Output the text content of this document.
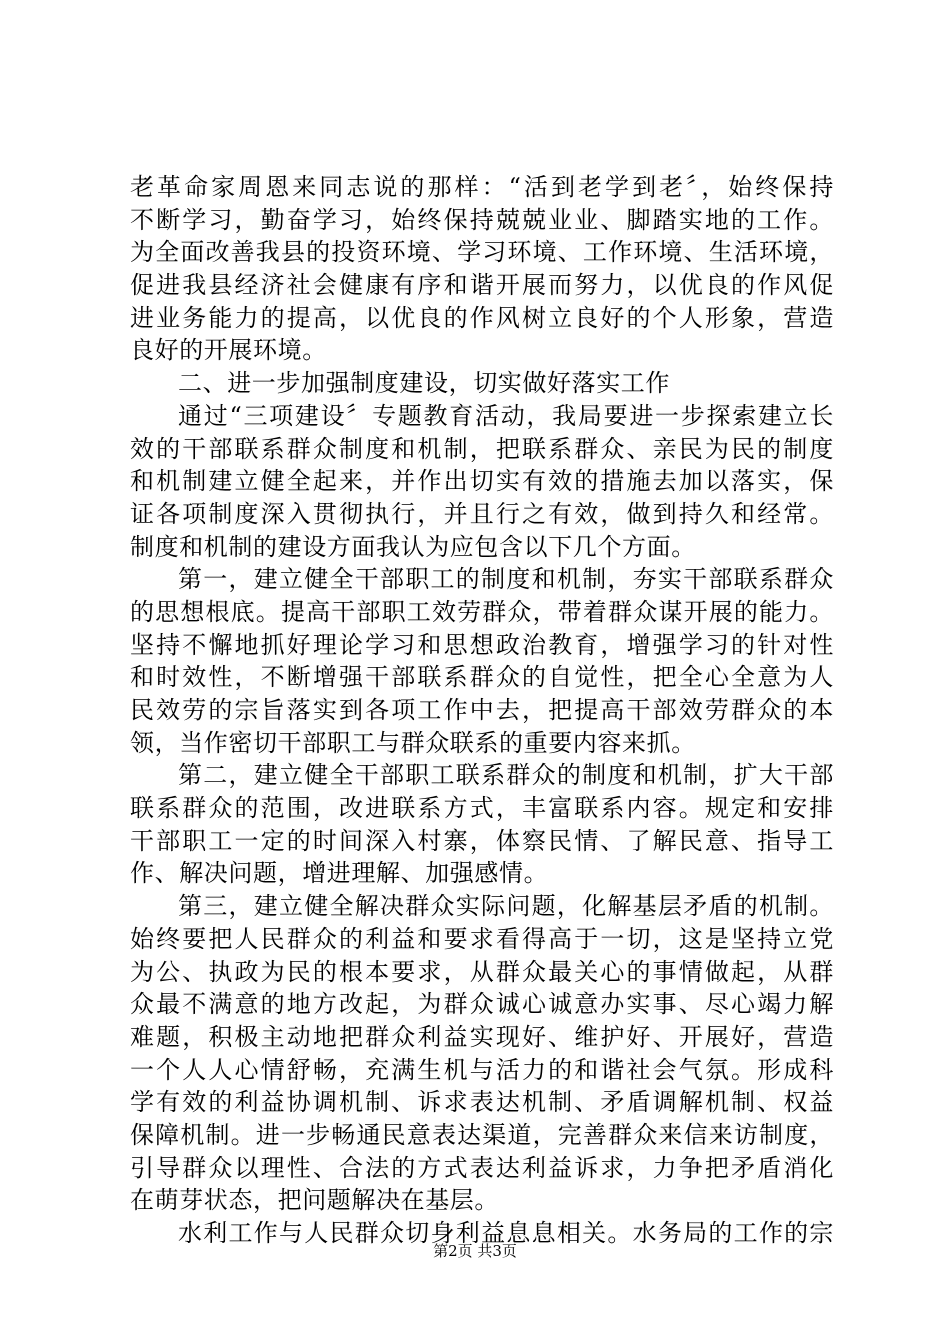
老革命家周恩来同志说的那样：“活到老学到老〞，始终保持
不断学习，勤奋学习，始终保持兢兢业业、脚踏实地的工作。
为全面改善我县的投资环境、学习环境、工作环境、生活环境，
促进我县经济社会健康有序和谐开展而努力，以优良的作风促
进业务能力的提高，以优良的作风树立良好的个人形象，营造
良好的开展环境。
二、进一步加强制度建设，切实做好落实工作
通过“三项建设〞专题教育活动，我局要进一步探索建立长
效的干部联系群众制度和机制，把联系群众、亲民为民的制度
和机制建立健全起来，并作出切实有效的措施去加以落实，保
证各项制度深入贯彻执行，并且行之有效，做到持久和经常。
制度和机制的建设方面我认为应包含以下几个方面。
第一，建立健全干部职工的制度和机制，夯实干部联系群众
的思想根底。提高干部职工效劳群众，带着群众谋开展的能力。
坚持不懈地抓好理论学习和思想政治教育，增强学习的针对性
和时效性，不断增强干部联系群众的自觉性，把全心全意为人
民效劳的宗旨落实到各项工作中去，把提高干部效劳群众的本
领，当作密切干部职工与群众联系的重要内容来抓。
第二，建立健全干部职工联系群众的制度和机制，扩大干部
联系群众的范围，改进联系方式，丰富联系内容。规定和安排
干部职工一定的时间深入村寨，体察民情、了解民意、指导工
作、解决问题，增进理解、加强感情。
第三，建立健全解决群众实际问题，化解基层矛盾的机制。
始终要把人民群众的利益和要求看得高于一切，这是坚持立党
为公、执政为民的根本要求，从群众最关心的事情做起，从群
众最不满意的地方改起，为群众诚心诚意办实事、尽心竭力解
难题，积极主动地把群众利益实现好、维护好、开展好，营造
一个人人心情舒畅，充满生机与活力的和谐社会气氛。形成科
学有效的利益协调机制、诉求表达机制、矛盾调解机制、权益
保障机制。进一步畅通民意表达渠道，完善群众来信来访制度，
引导群众以理性、合法的方式表达利益诉求，力争把矛盾消化
在萌芽状态，把问题解决在基层。
水利工作与人民群众切身利益息息相关。水务局的工作的宗
第2页 共3页
